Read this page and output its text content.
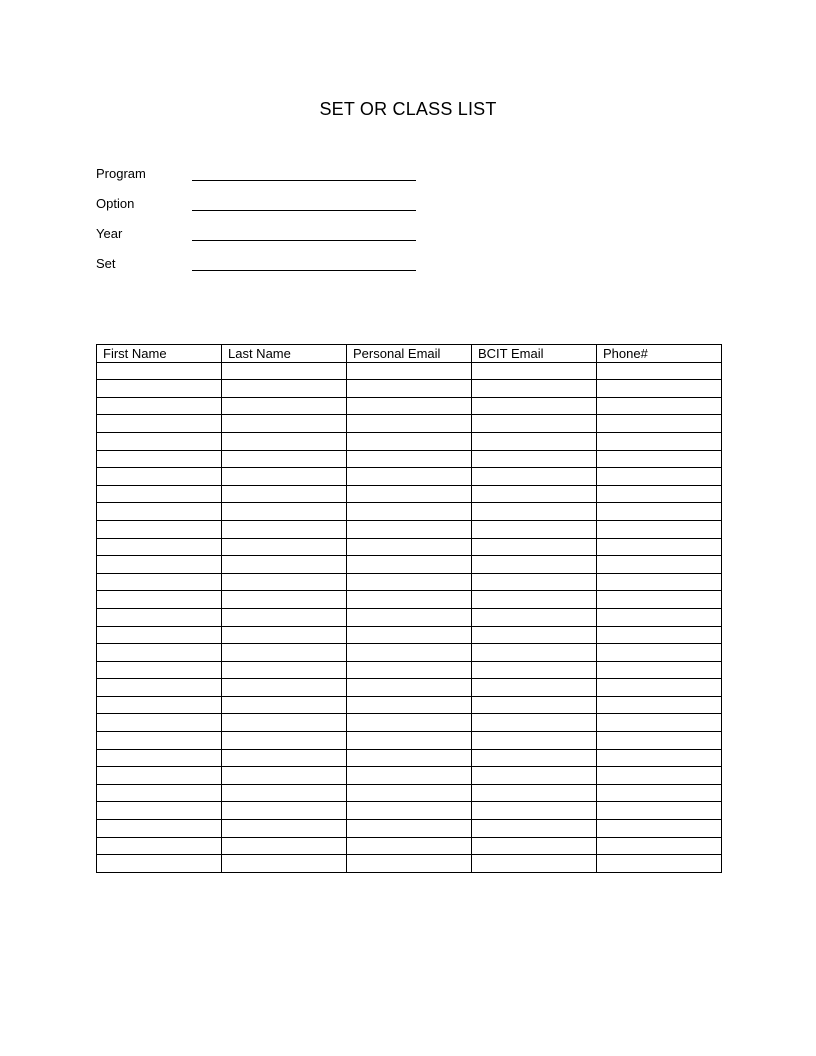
SET OR CLASS LIST
Program
Option
Year
Set
First Name	Last Name	Personal Email	BCIT Email	Phone#
